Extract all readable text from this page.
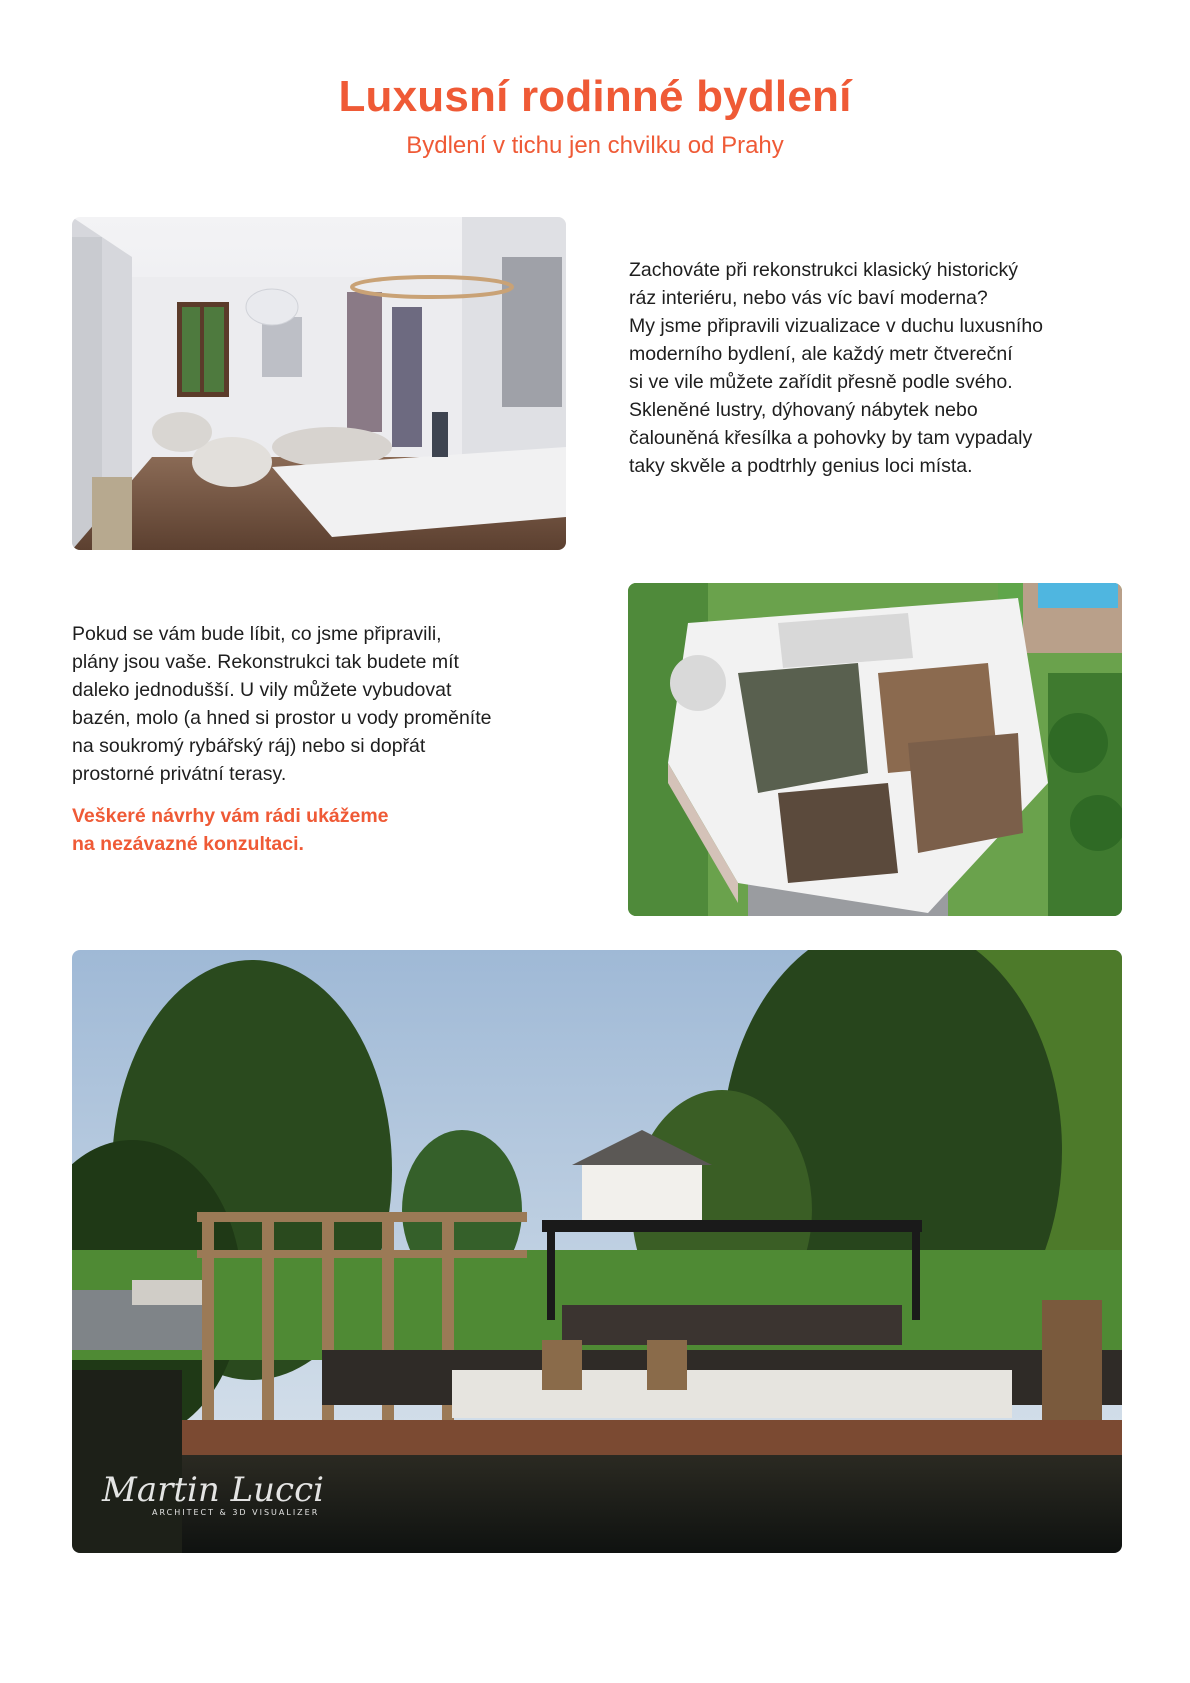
Luxusní rodinné bydlení

Bydlení v tichu jen chvilku od Prahy

Zachováte při rekonstrukci klasický historický
ráz interiéru, nebo vás víc baví moderna?
My jsme připravili vizualizace v duchu luxusního
moderního bydlení, ale každý metr čtvereční
si ve vile můžete zařídit přesně podle svého.
Skleněné lustry, dýhovaný nábytek nebo
čalouněná křesílka a pohovky by tam vypadaly
taky skvěle a podtrhly genius loci místa.

Pokud se vám bude líbit, co jsme připravili,
plány jsou vaše. Rekonstrukci tak budete mít
daleko jednodušší. U vily můžete vybudovat
bazén, molo (a hned si prostor u vody proměníte
na soukromý rybářský ráj) nebo si dopřát
prostorné privátní terasy.

Veškeré návrhy vám rádi ukážeme
na nezávazné konzultaci.

Martin Lucci
ARCHITECT & 3D VISUALIZER
